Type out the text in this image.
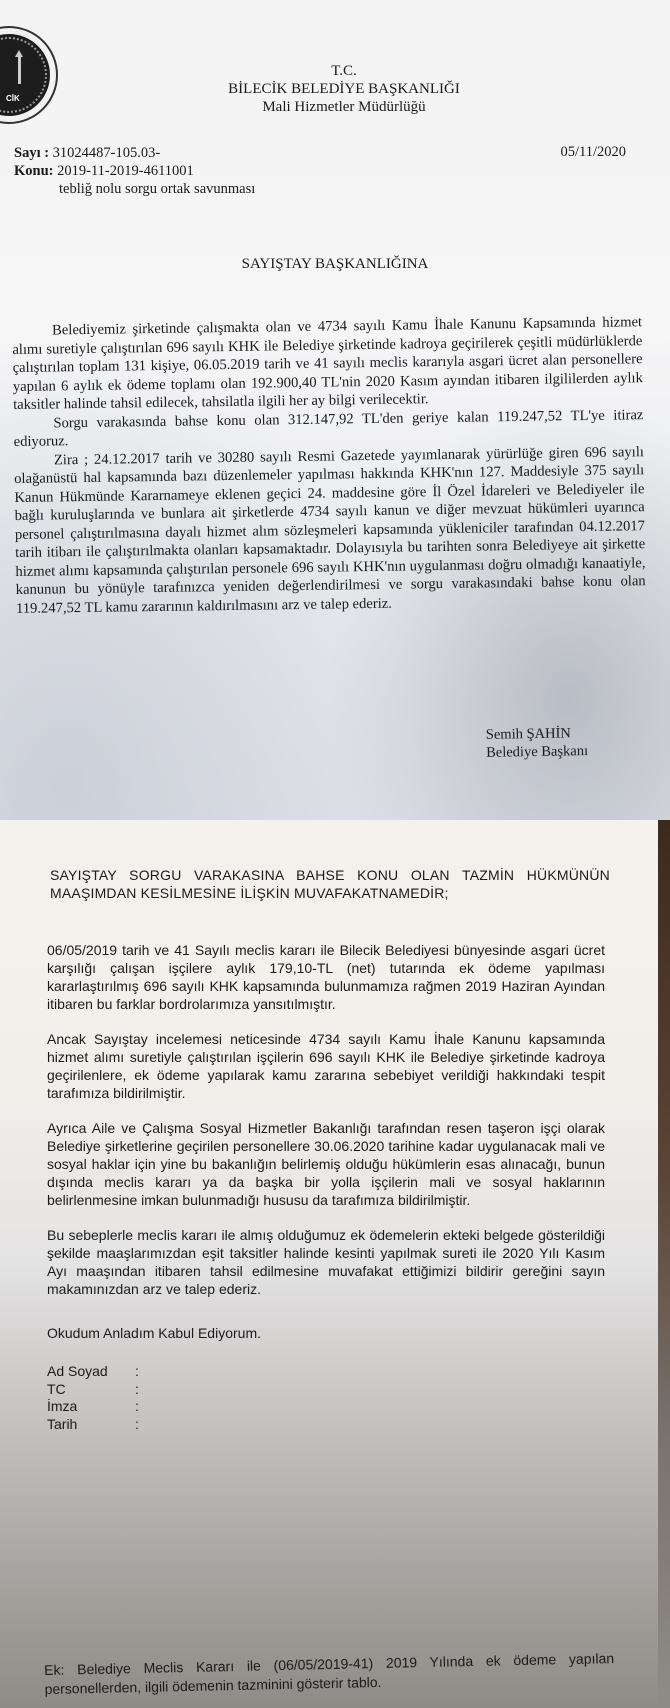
CİK
T.C.
BİLECİK BELEDİYE BAŞKANLIĞI
Mali Hizmetler Müdürlüğü
Sayı : 31024487-105.03-
Konu: 2019-11-2019-4611001
tebliğ nolu sorgu ortak savunması
05/11/2020
SAYIŞTAY BAŞKANLIĞINA

Belediyemiz şirketinde çalışmakta olan ve 4734 sayılı Kamu İhale Kanunu Kapsamında hizmet alımı suretiyle çalıştırılan 696 sayılı KHK ile Belediye şirketinde kadroya geçirilerek çeşitli müdürlüklerde çalıştırılan toplam 131 kişiye, 06.05.2019 tarih ve 41 sayılı meclis kararıyla asgari ücret alan personellere yapılan 6 aylık ek ödeme toplamı olan 192.900,40 TL'nin 2020 Kasım ayından itibaren ilgililerden aylık taksitler halinde tahsil edilecek, tahsilatla ilgili her ay bilgi verilecektir.

Sorgu varakasında bahse konu olan 312.147,92 TL'den geriye kalan 119.247,52 TL'ye itiraz ediyoruz.

Zira ; 24.12.2017 tarih ve 30280 sayılı Resmi Gazetede yayımlanarak yürürlüğe giren 696 sayılı olağanüstü hal kapsamında bazı düzenlemeler yapılması hakkında KHK'nın 127. Maddesiyle 375 sayılı Kanun Hükmünde Kararnameye eklenen geçici 24. maddesine göre İl Özel İdareleri ve Belediyeler ile bağlı kuruluşlarında ve bunlara ait şirketlerde 4734 sayılı kanun ve diğer mevzuat hükümleri uyarınca personel çalıştırılmasına dayalı hizmet alım sözleşmeleri kapsamında yükleniciler tarafından 04.12.2017 tarih itibarı ile çalıştırılmakta olanları kapsamaktadır. Dolayısıyla bu tarihten sonra Belediyeye ait şirkette hizmet alımı kapsamında çalıştırılan personele 696 sayılı KHK'nın uygulanması doğru olmadığı kanaatiyle, kanunun bu yönüyle tarafınızca yeniden değerlendirilmesi ve sorgu varakasındaki bahse konu olan 119.247,52 TL kamu zararının kaldırılmasını arz ve talep ederiz.

Semih ŞAHİN
Belediye Başkanı
SAYIŞTAY SORGU VARAKASINA BAHSE KONU OLAN TAZMİN HÜKMÜNÜN MAAŞIMDAN KESİLMESİNE İLİŞKİN MUVAFAKATNAMEDİR;

06/05/2019 tarih ve 41 Sayılı meclis kararı ile Bilecik Belediyesi bünyesinde asgari ücret karşılığı çalışan işçilere aylık 179,10-TL (net) tutarında ek ödeme yapılması kararlaştırılmış 696 sayılı KHK kapsamında bulunmamıza rağmen 2019 Haziran Ayından itibaren bu farklar bordrolarımıza yansıtılmıştır.

Ancak Sayıştay incelemesi neticesinde 4734 sayılı Kamu İhale Kanunu kapsamında hizmet alımı suretiyle çalıştırılan işçilerin 696 sayılı KHK ile Belediye şirketinde kadroya geçirilenlere, ek ödeme yapılarak kamu zararına sebebiyet verildiği hakkındaki tespit tarafımıza bildirilmiştir.

Ayrıca Aile ve Çalışma Sosyal Hizmetler Bakanlığı tarafından resen taşeron işçi olarak Belediye şirketlerine geçirilen personellere 30.06.2020 tarihine kadar uygulanacak mali ve sosyal haklar için yine bu bakanlığın belirlemiş olduğu hükümlerin esas alınacağı, bunun dışında meclis kararı ya da başka bir yolla işçilerin mali ve sosyal haklarının belirlenmesine imkan bulunmadığı hususu da tarafımıza bildirilmiştir.

Bu sebeplerle meclis kararı ile almış olduğumuz ek ödemelerin ekteki belgede gösterildiği şekilde maaşlarımızdan eşit taksitler halinde kesinti yapılmak sureti ile 2020 Yılı Kasım Ayı maaşından itibaren tahsil edilmesine muvafakat ettiğimizi bildirir gereğini sayın makamınızdan arz ve talep ederiz.

Okudum Anladım Kabul Ediyorum.
Ad Soyad	:
TC	:
İmza	:
Tarih	:
Ek: Belediye Meclis Kararı ile (06/05/2019-41) 2019 Yılında ek ödeme yapılan personellerden, ilgili ödemenin tazminini gösterir tablo.
